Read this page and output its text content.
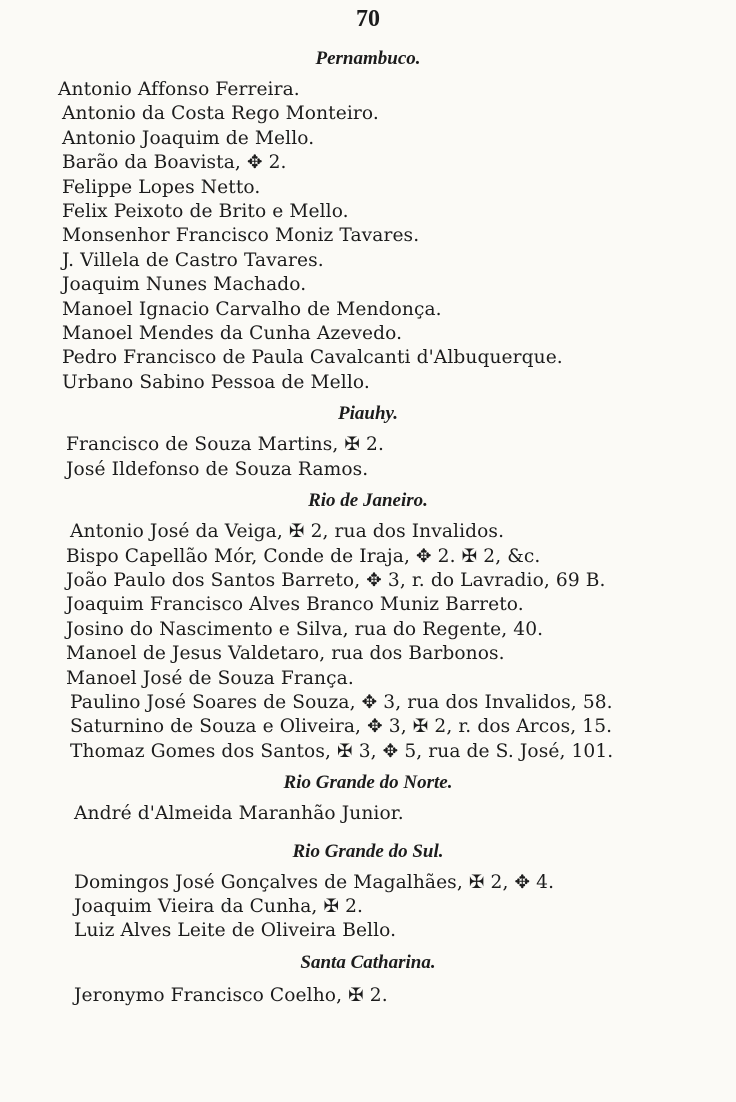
70
Pernambuco.
Antonio Affonso Ferreira.
Antonio da Costa Rego Monteiro.
Antonio Joaquim de Mello.
Barão da Boavista, ✥ 2.
Felippe Lopes Netto.
Felix Peixoto de Brito e Mello.
Monsenhor Francisco Moniz Tavares.
J. Villela de Castro Tavares.
Joaquim Nunes Machado.
Manoel Ignacio Carvalho de Mendonça.
Manoel Mendes da Cunha Azevedo.
Pedro Francisco de Paula Cavalcanti d'Albuquerque.
Urbano Sabino Pessoa de Mello.
Piauhy.
Francisco de Souza Martins, ✠ 2.
José Ildefonso de Souza Ramos.
Rio de Janeiro.
Antonio José da Veiga, ✠ 2, rua dos Invalidos.
Bispo Capellão Mór, Conde de Iraja, ✥ 2. ✠ 2, &c.
João Paulo dos Santos Barreto, ✥ 3, r. do Lavradio, 69 B.
Joaquim Francisco Alves Branco Muniz Barreto.
Josino do Nascimento e Silva, rua do Regente, 40.
Manoel de Jesus Valdetaro, rua dos Barbonos.
Manoel José de Souza França.
Paulino José Soares de Souza, ✥ 3, rua dos Invalidos, 58.
Saturnino de Souza e Oliveira, ✥ 3, ✠ 2, r. dos Arcos, 15.
Thomaz Gomes dos Santos, ✠ 3, ✥ 5, rua de S. José, 101.
Rio Grande do Norte.
André d'Almeida Maranhão Junior.
Rio Grande do Sul.
Domingos José Gonçalves de Magalhães, ✠ 2, ✥ 4.
Joaquim Vieira da Cunha, ✠ 2.
Luiz Alves Leite de Oliveira Bello.
Santa Catharina.
Jeronymo Francisco Coelho, ✠ 2.
